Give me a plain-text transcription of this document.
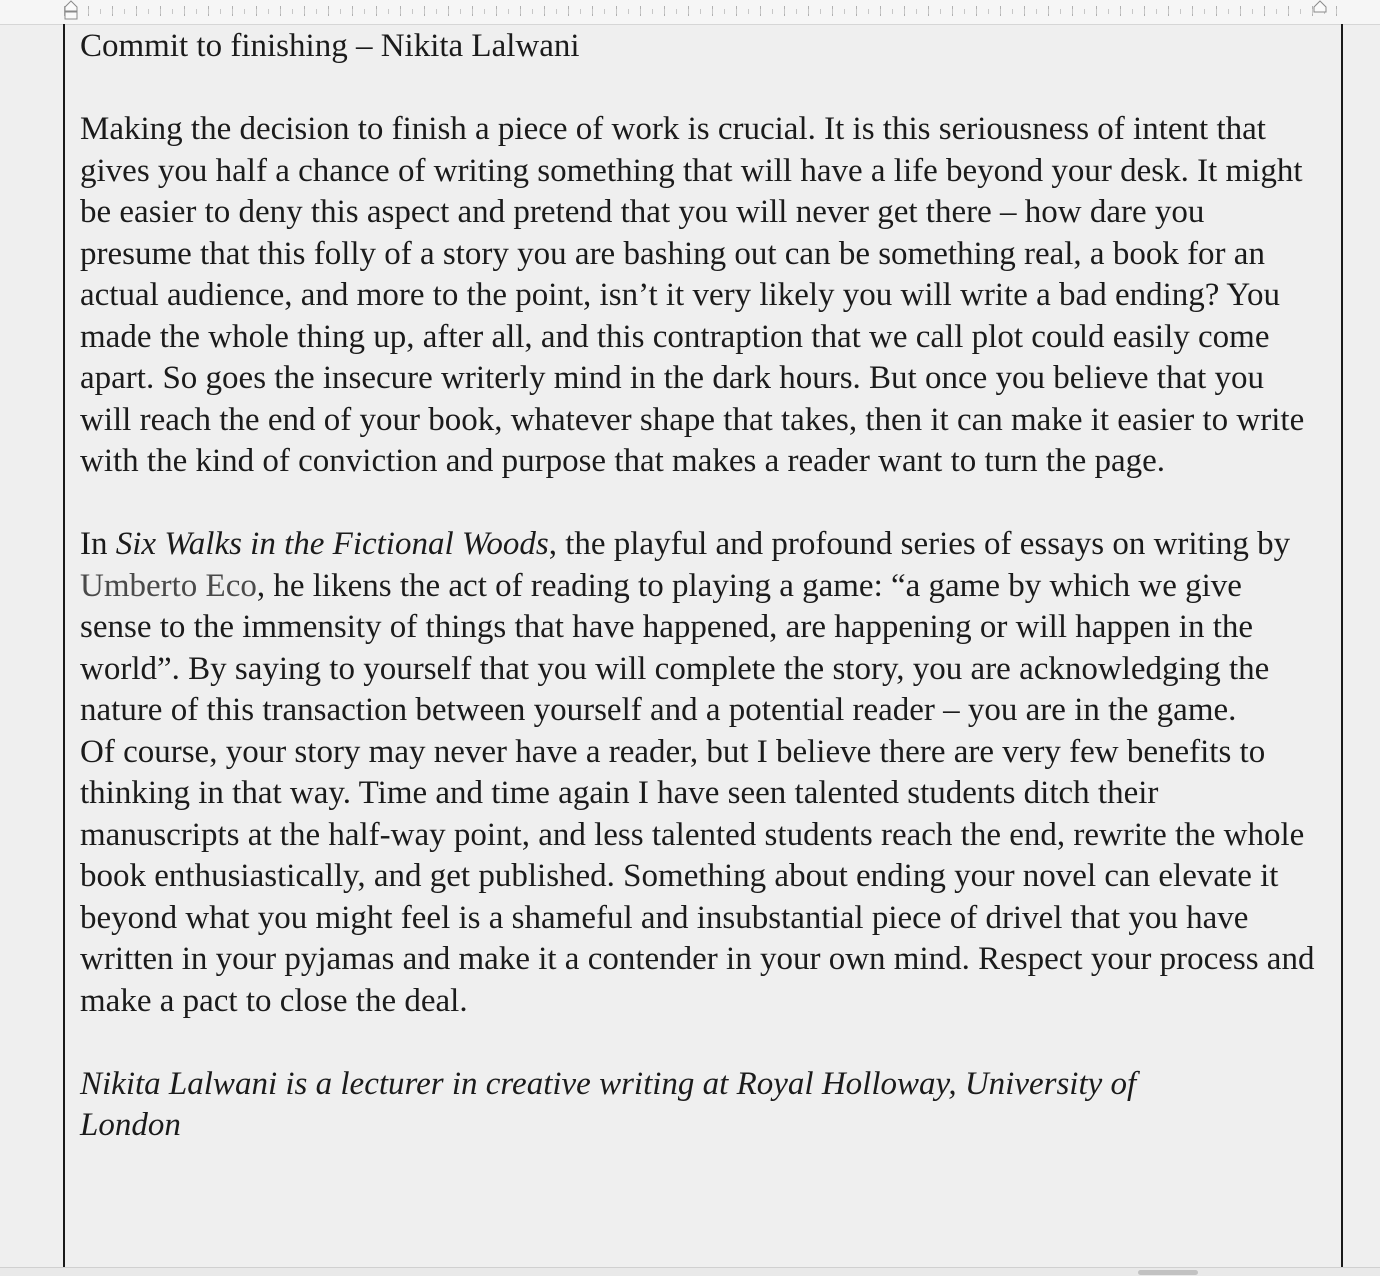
Commit to finishing – Nikita Lalwani

Making the decision to finish a piece of work is crucial. It is this seriousness of intent that gives you half a chance of writing something that will have a life beyond your desk. It might be easier to deny this aspect and pretend that you will never get there – how dare you presume that this folly of a story you are bashing out can be something real, a book for an actual audience, and more to the point, isn’t it very likely you will write a bad ending? You made the whole thing up, after all, and this contraption that we call plot could easily come apart. So goes the insecure writerly mind in the dark hours. But once you believe that you will reach the end of your book, whatever shape that takes, then it can make it easier to write with the kind of conviction and purpose that makes a reader want to turn the page.

In Six Walks in the Fictional Woods, the playful and profound series of essays on writing by Umberto Eco, he likens the act of reading to playing a game: “a game by which we give sense to the immensity of things that have happened, are happening or will happen in the world”. By saying to yourself that you will complete the story, you are acknowledging the nature of this transaction between yourself and a potential reader – you are in the game.

Of course, your story may never have a reader, but I believe there are very few benefits to thinking in that way. Time and time again I have seen talented students ditch their manuscripts at the half-way point, and less talented students reach the end, rewrite the whole book enthusiastically, and get published. Something about ending your novel can elevate it beyond what you might feel is a shameful and insubstantial piece of drivel that you have written in your pyjamas and make it a contender in your own mind. Respect your process and make a pact to close the deal.

Nikita Lalwani is a lecturer in creative writing at Royal Holloway, University of London
